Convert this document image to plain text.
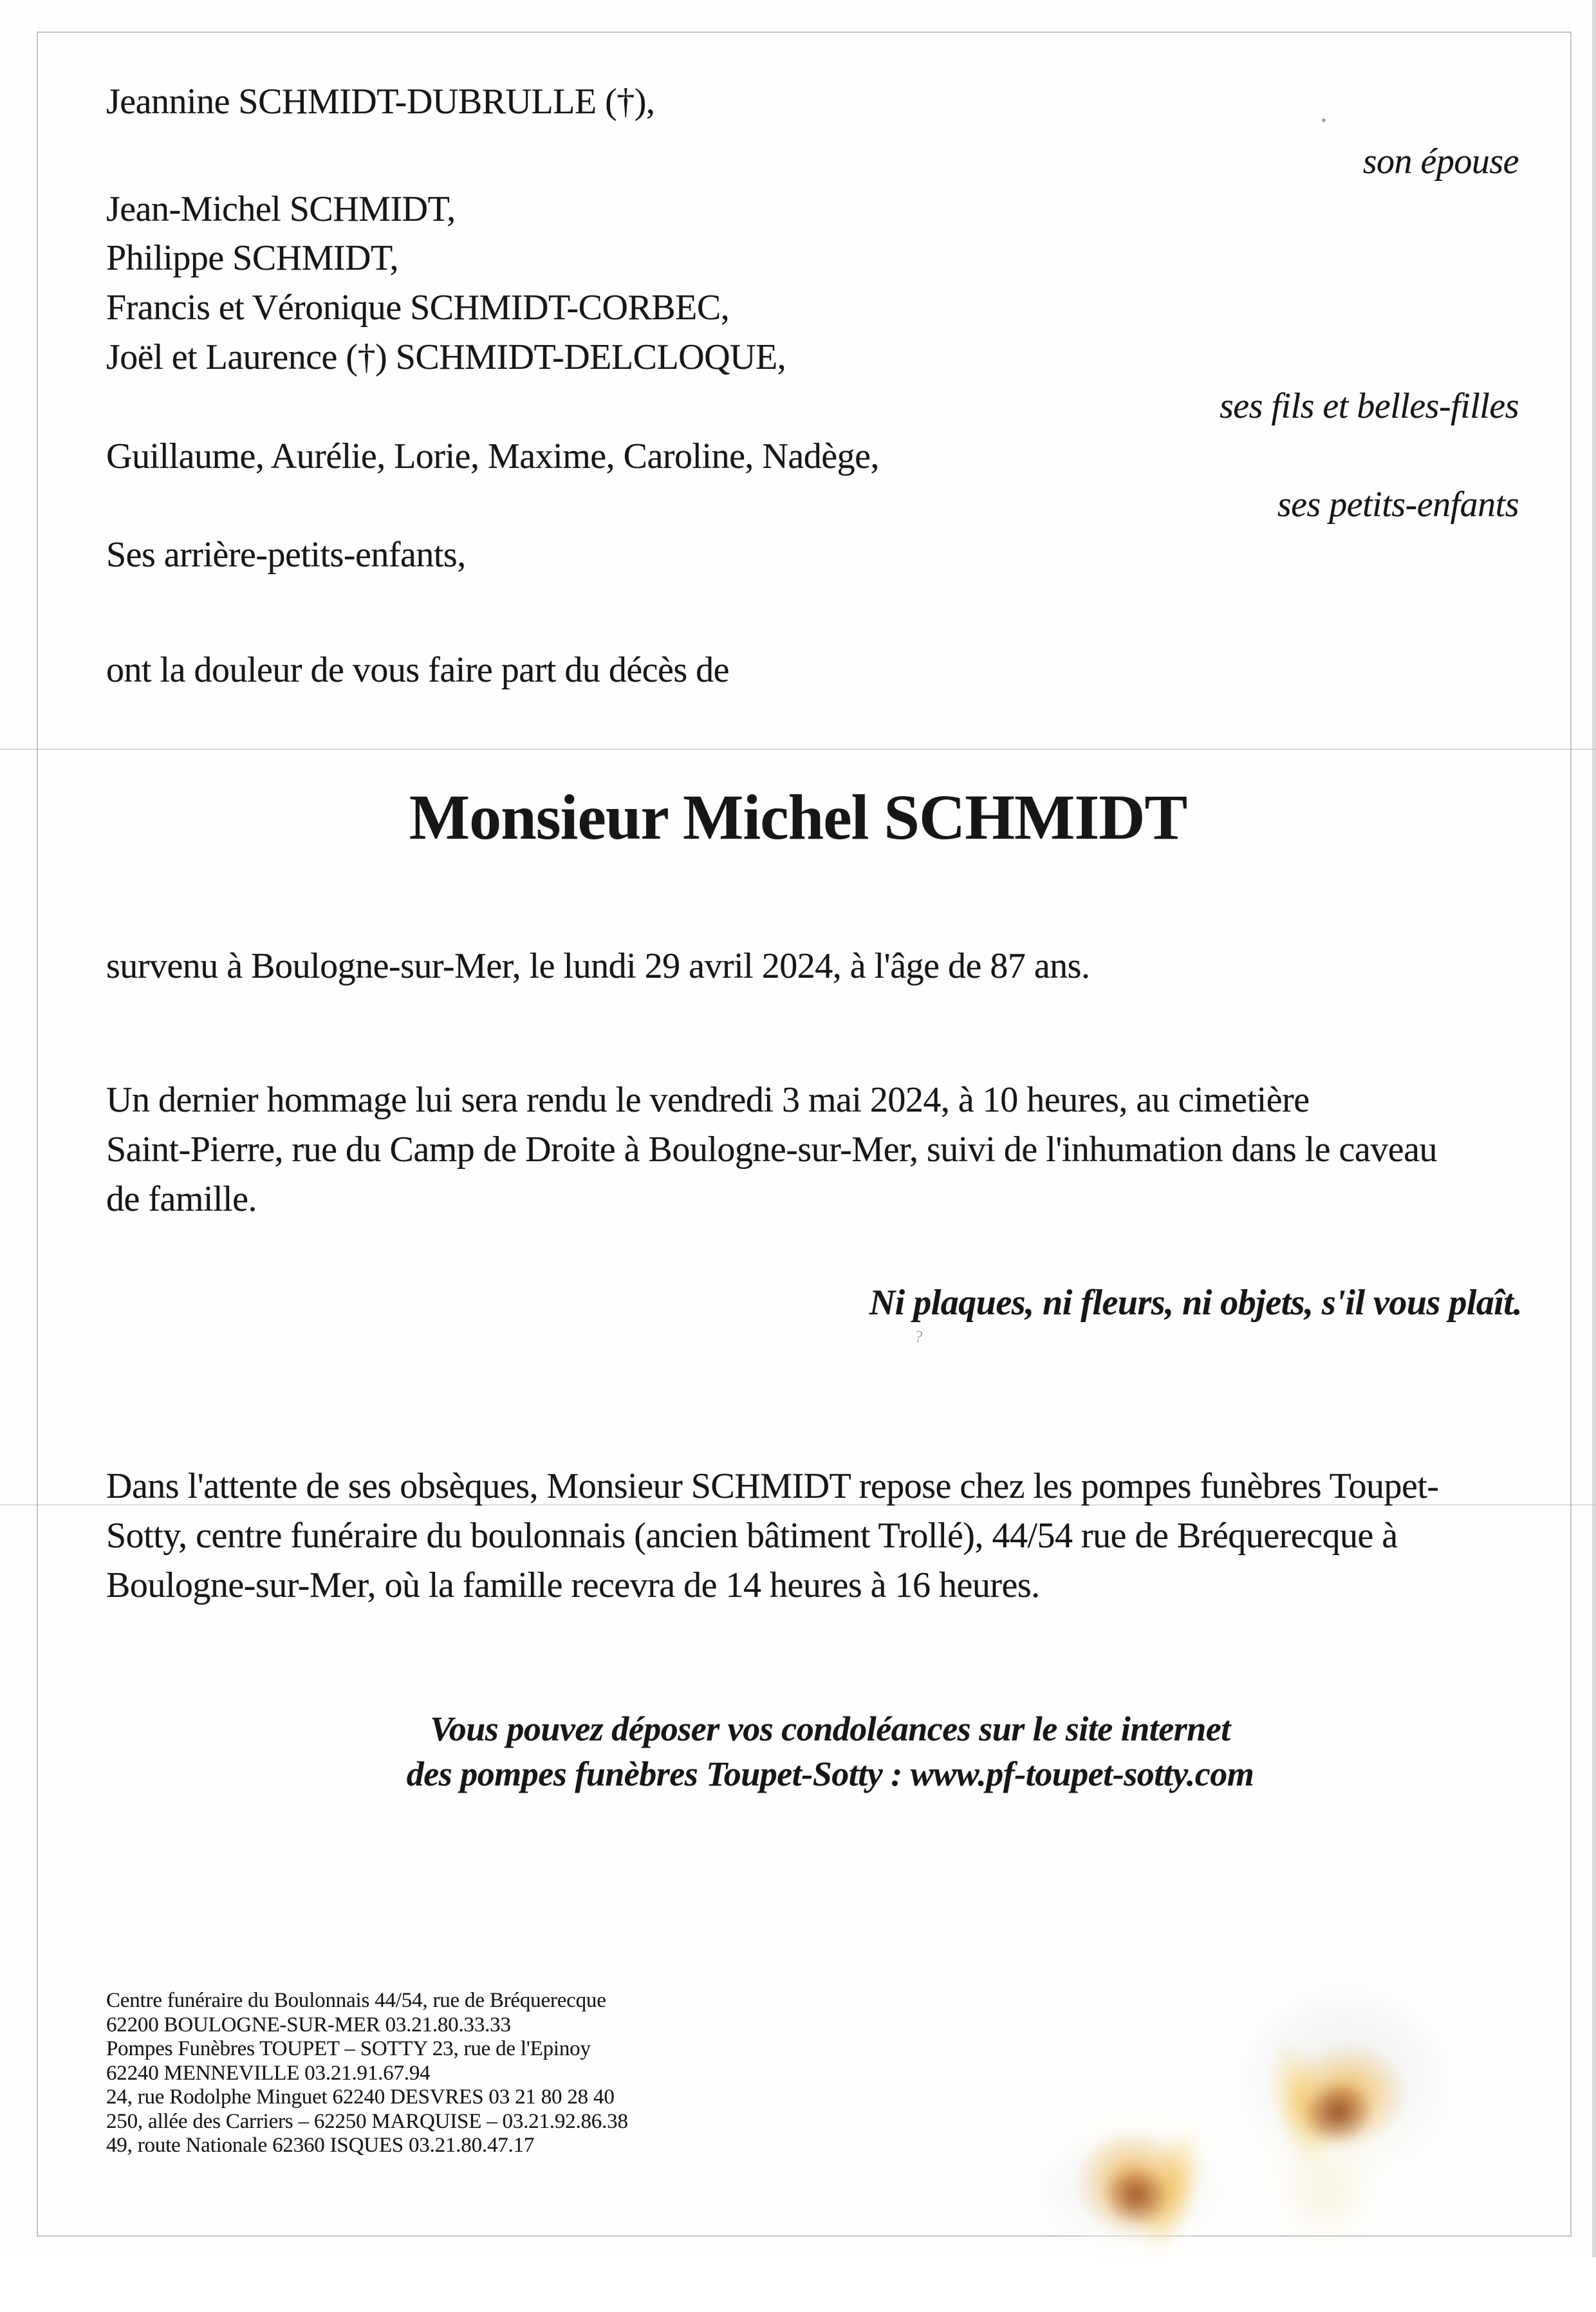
Jeannine SCHMIDT-DUBRULLE (†),
son épouse
Jean-Michel SCHMIDT,
Philippe SCHMIDT,
Francis et Véronique SCHMIDT-CORBEC,
Joël et Laurence (†) SCHMIDT-DELCLOQUE,
ses fils et belles-filles
Guillaume, Aurélie, Lorie, Maxime, Caroline, Nadège,
ses petits-enfants
Ses arrière-petits-enfants,
ont la douleur de vous faire part du décès de
Monsieur Michel SCHMIDT
survenu à Boulogne-sur-Mer, le lundi 29 avril 2024, à l'âge de 87 ans.
Un dernier hommage lui sera rendu le vendredi 3 mai 2024, à 10 heures, au cimetière
Saint-Pierre, rue du Camp de Droite à Boulogne-sur-Mer, suivi de l'inhumation dans le caveau
de famille.
Ni plaques, ni fleurs, ni objets, s'il vous plaît.
?
Dans l'attente de ses obsèques, Monsieur SCHMIDT repose chez les pompes funèbres Toupet-
Sotty, centre funéraire du boulonnais (ancien bâtiment Trollé), 44/54 rue de Bréquerecque à
Boulogne-sur-Mer, où la famille recevra de 14 heures à 16 heures.
Vous pouvez déposer vos condoléances sur le site internet
des pompes funèbres Toupet-Sotty : www.pf-toupet-sotty.com
Centre funéraire du Boulonnais 44/54, rue de Bréquerecque
62200 BOULOGNE-SUR-MER 03.21.80.33.33
Pompes Funèbres TOUPET – SOTTY 23, rue de l'Epinoy
62240 MENNEVILLE 03.21.91.67.94
24, rue Rodolphe Minguet 62240 DESVRES 03 21 80 28 40
250, allée des Carriers – 62250 MARQUISE – 03.21.92.86.38
49, route Nationale 62360 ISQUES 03.21.80.47.17
